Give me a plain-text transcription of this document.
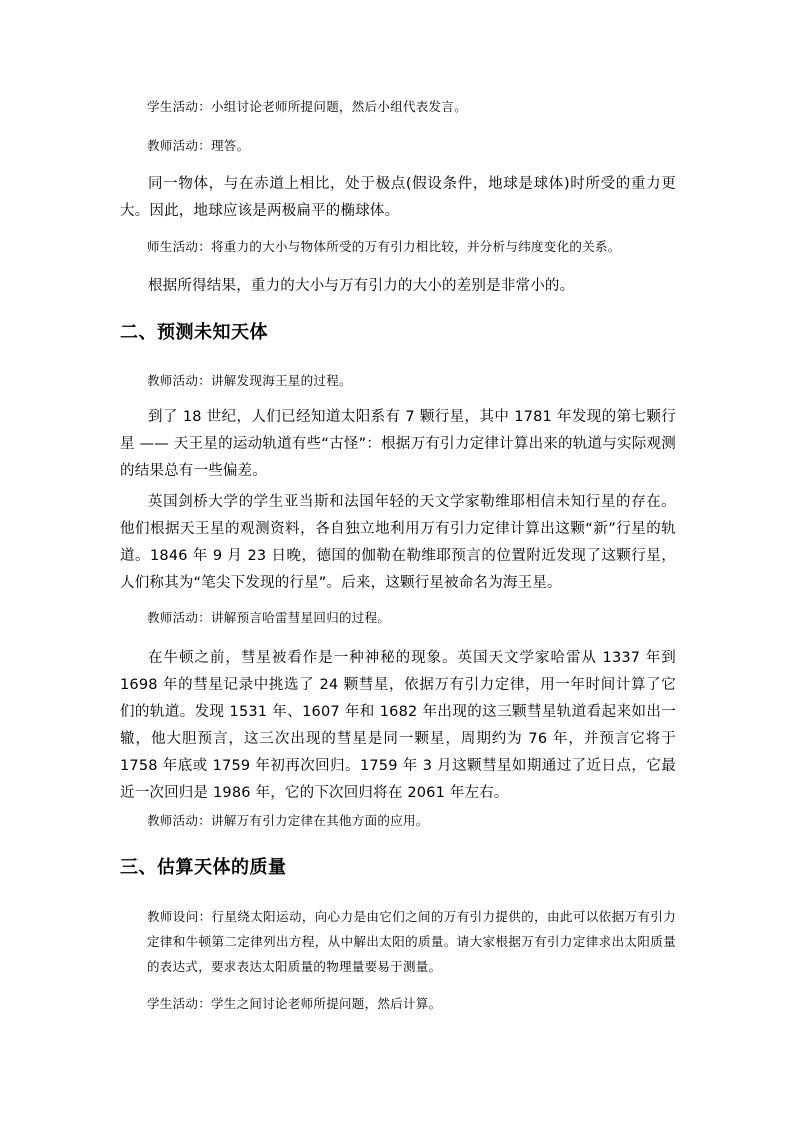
学生活动：小组讨论老师所提问题，然后小组代表发言。

教师活动：理答。

同一物体，与在赤道上相比，处于极点(假设条件，地球是球体)时所受的重力更大。因此，地球应该是两极扁平的椭球体。

师生活动：将重力的大小与物体所受的万有引力相比较，并分析与纬度变化的关系。

根据所得结果，重力的大小与万有引力的大小的差别是非常小的。

二、预测未知天体

教师活动：讲解发现海王星的过程。

到了 18 世纪，人们已经知道太阳系有 7 颗行星，其中 1781 年发现的第七颗行星 —— 天王星的运动轨道有些“古怪”：根据万有引力定律计算出来的轨道与实际观测的结果总有一些偏差。

英国剑桥大学的学生亚当斯和法国年轻的天文学家勒维耶相信未知行星的存在。他们根据天王星的观测资料，各自独立地利用万有引力定律计算出这颗“新”行星的轨道。1846 年 9 月 23 日晚，德国的伽勒在勒维耶预言的位置附近发现了这颗行星，人们称其为“笔尖下发现的行星”。后来，这颗行星被命名为海王星。

教师活动：讲解预言哈雷彗星回归的过程。

在牛顿之前，彗星被看作是一种神秘的现象。英国天文学家哈雷从 1337 年到 1698 年的彗星记录中挑选了 24 颗彗星，依据万有引力定律，用一年时间计算了它们的轨道。发现 1531 年、1607 年和 1682 年出现的这三颗彗星轨道看起来如出一辙，他大胆预言，这三次出现的彗星是同一颗星，周期约为 76 年，并预言它将于 1758 年底或 1759 年初再次回归。1759 年 3 月这颗彗星如期通过了近日点，它最近一次回归是 1986 年，它的下次回归将在 2061 年左右。

教师活动：讲解万有引力定律在其他方面的应用。

三、估算天体的质量

教师设问：行星绕太阳运动，向心力是由它们之间的万有引力提供的，由此可以依据万有引力定律和牛顿第二定律列出方程，从中解出太阳的质量。请大家根据万有引力定律求出太阳质量的表达式，要求表达太阳质量的物理量要易于测量。

学生活动：学生之间讨论老师所提问题，然后计算。
